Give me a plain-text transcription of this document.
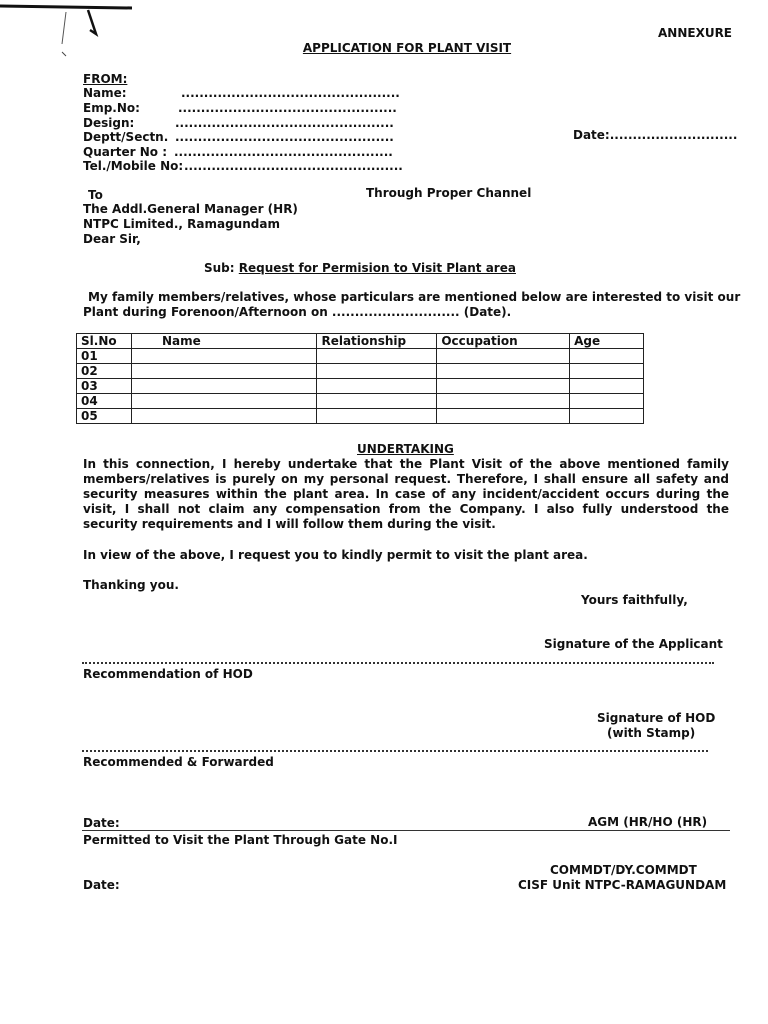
ANNEXURE
APPLICATION FOR PLANT VISIT
FROM:
Name:	................................................
Emp.No:	................................................
Design:	................................................
Deptt/Sectn. ................................................
Quarter No : ................................................
Tel./Mobile No: ................................................
Date:............................
To	Through Proper Channel
The Addl.General Manager (HR)
NTPC Limited., Ramagundam
Dear Sir,
Sub: Request for Permision to Visit Plant area
My family members/relatives, whose particulars are mentioned below are interested to visit our
Plant during Forenoon/Afternoon on ............................ (Date).
Sl.No	Name	Relationship	Occupation	Age
01				
02				
03				
04				
05				
UNDERTAKING
In this connection, I hereby undertake that the Plant Visit of the above mentioned family members/relatives is purely on my personal request. Therefore, I shall ensure all safety and security measures within the plant area. In case of any incident/accident occurs during the visit, I shall not claim any compensation from the Company. I also fully understood the security requirements and I will follow them during the visit.
In view of the above, I request you to kindly permit to visit the plant area.
Thanking you.
Yours faithfully,
Signature of the Applicant
Recommendation of HOD
Signature of HOD
(with Stamp)
Recommended & Forwarded
Date:	AGM (HR/HO (HR)
Permitted to Visit the Plant Through Gate No.I
COMMDT/DY.COMMDT
CISF Unit NTPC-RAMAGUNDAM
Date:
